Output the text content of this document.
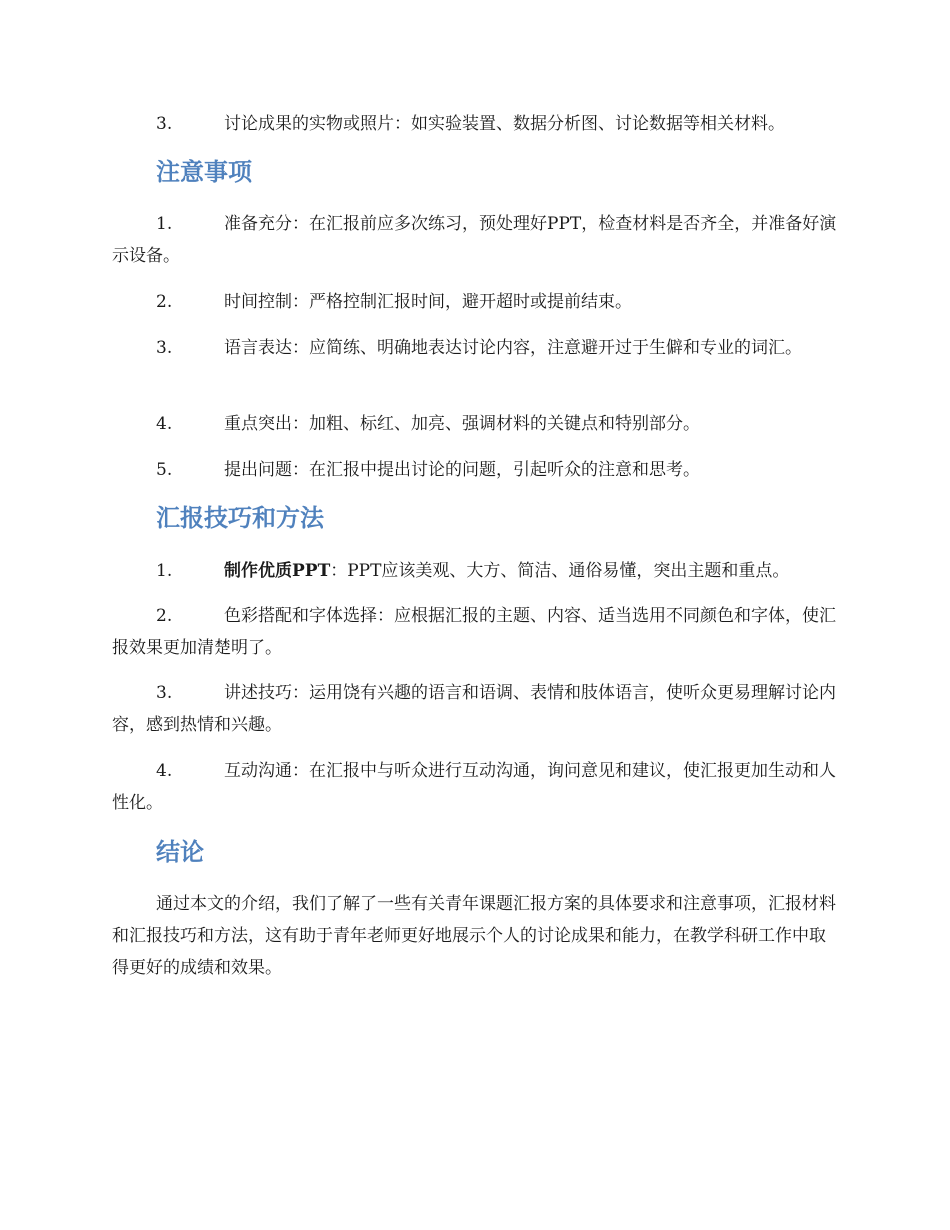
3.	讨论成果的实物或照片：如实验装置、数据分析图、讨论数据等相关材料。
注意事项
1.	准备充分：在汇报前应多次练习，预处理好PPT，检查材料是否齐全，并准备好演示设备。
2.	时间控制：严格控制汇报时间，避开超时或提前结束。
3.	语言表达：应简练、明确地表达讨论内容，注意避开过于生僻和专业的词汇。
4.	重点突出：加粗、标红、加亮、强调材料的关键点和特别部分。
5.	提出问题：在汇报中提出讨论的问题，引起听众的注意和思考。
汇报技巧和方法
1.	制作优质PPT：PPT应该美观、大方、简洁、通俗易懂，突出主题和重点。
2.	色彩搭配和字体选择：应根据汇报的主题、内容、适当选用不同颜色和字体，使汇报效果更加清楚明了。
3.	讲述技巧：运用饶有兴趣的语言和语调、表情和肢体语言，使听众更易理解讨论内容，感到热情和兴趣。
4.	互动沟通：在汇报中与听众进行互动沟通，询问意见和建议，使汇报更加生动和人性化。
结论
通过本文的介绍，我们了解了一些有关青年课题汇报方案的具体要求和注意事项，汇报材料和汇报技巧和方法，这有助于青年老师更好地展示个人的讨论成果和能力，在教学科研工作中取得更好的成绩和效果。
